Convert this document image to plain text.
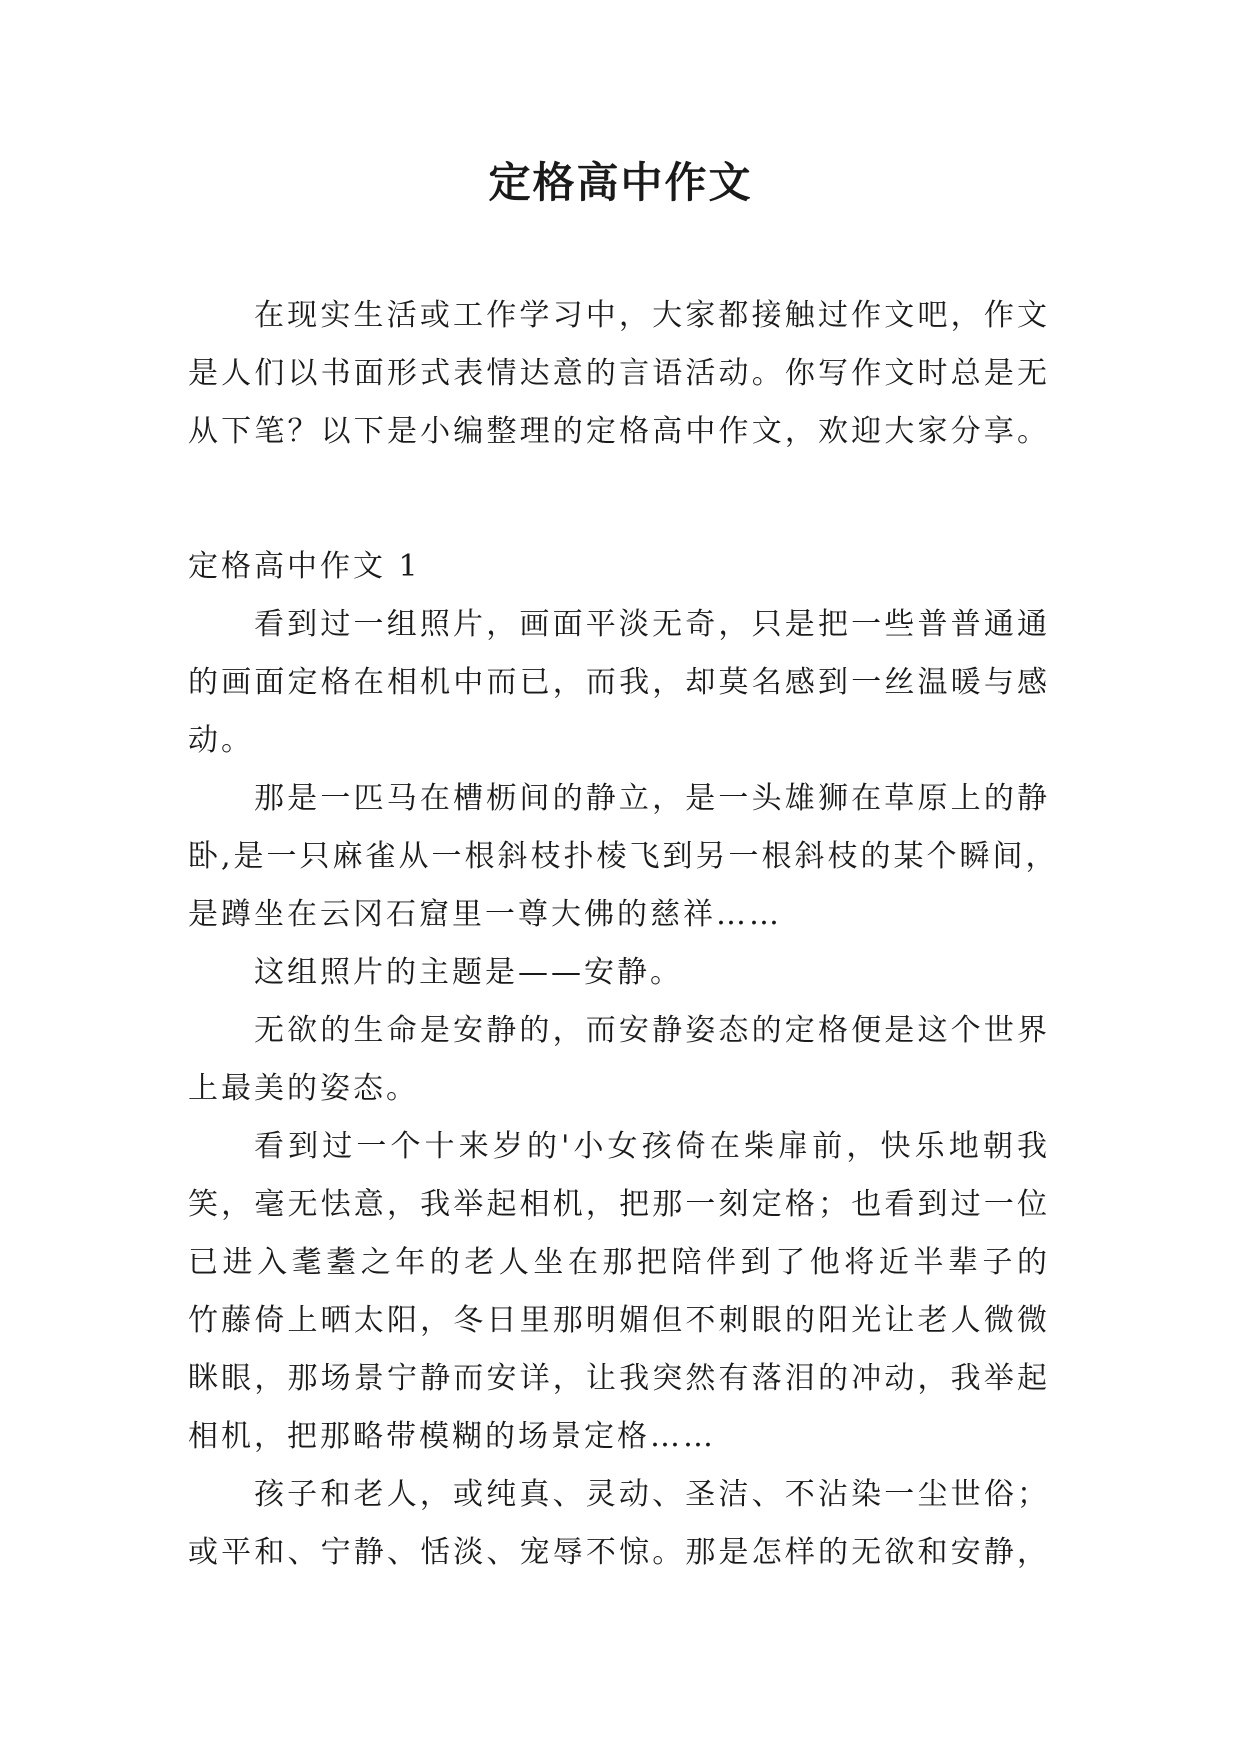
定格高中作文
在现实生活或工作学习中，大家都接触过作文吧，作文
是人们以书面形式表情达意的言语活动。你写作文时总是无
从下笔？以下是小编整理的定格高中作文，欢迎大家分享。
定格高中作文 1
看到过一组照片，画面平淡无奇，只是把一些普普通通
的画面定格在相机中而已，而我，却莫名感到一丝温暖与感
动。
那是一匹马在槽枥间的静立，是一头雄狮在草原上的静
卧,是一只麻雀从一根斜枝扑棱飞到另一根斜枝的某个瞬间，
是蹲坐在云冈石窟里一尊大佛的慈祥……
这组照片的主题是——安静。
无欲的生命是安静的，而安静姿态的定格便是这个世界
上最美的姿态。
看到过一个十来岁的'小女孩倚在柴扉前，快乐地朝我
笑，毫无怯意，我举起相机，把那一刻定格；也看到过一位
已进入耄耋之年的老人坐在那把陪伴到了他将近半辈子的
竹藤倚上晒太阳，冬日里那明媚但不刺眼的阳光让老人微微
眯眼，那场景宁静而安详，让我突然有落泪的冲动，我举起
相机，把那略带模糊的场景定格……
孩子和老人，或纯真、灵动、圣洁、不沾染一尘世俗；
或平和、宁静、恬淡、宠辱不惊。那是怎样的无欲和安静，
